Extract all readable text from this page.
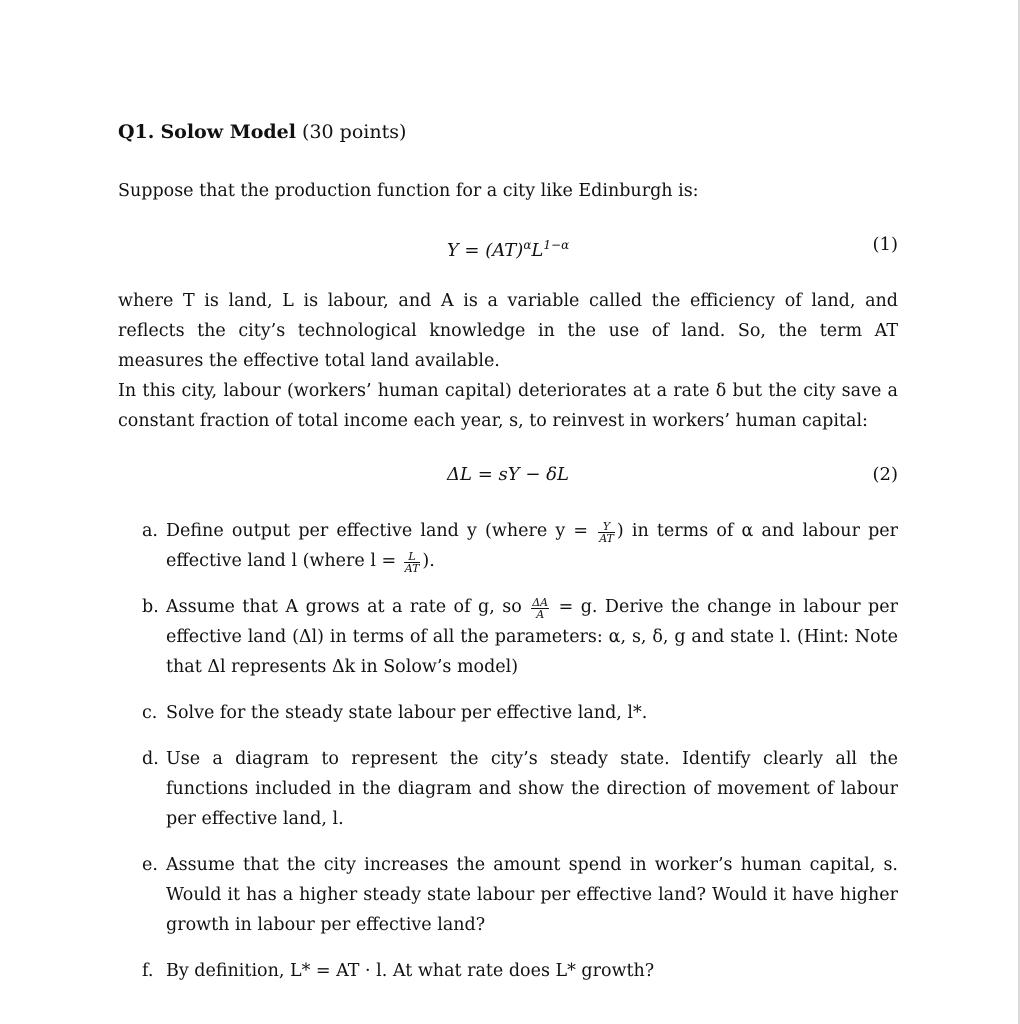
Q1. Solow Model (30 points)
Suppose that the production function for a city like Edinburgh is:
$Y = (AT)^\alpha L^{1-\alpha}$	(1)
where T is land, L is labour, and A is a variable called the efficiency of land, and reflects the city’s technological knowledge in the use of land. So, the term AT measures the effective total land available.
In this city, labour (workers’ human capital) deteriorates at a rate δ but the city save a constant fraction of total income each year, s, to reinvest in workers’ human capital:
ΔL = sY − δL	(2)
a. Define output per effective land y (where $y = \frac{Y}{AT}$ ) in terms of α and labour per effective land l (where $l = \frac{L}{AT}$ ).
b. Assume that A grows at a rate of g, so $\frac{\Delta A}{A} = g$. Derive the change in labour per effective land (Δl) in terms of all the parameters: α, s, δ, g and state l. (Hint: Note that Δl represents Δk in Solow’s model)
c. Solve for the steady state labour per effective land, l*.
d. Use a diagram to represent the city’s steady state. Identify clearly all the functions included in the diagram and show the direction of movement of labour per effective land, l.
e. Assume that the city increases the amount spend in worker’s human capital, s. Would it has a higher steady state labour per effective land? Would it have higher growth in labour per effective land?
f. By definition, L* = AT · l. At what rate does L* growth?
